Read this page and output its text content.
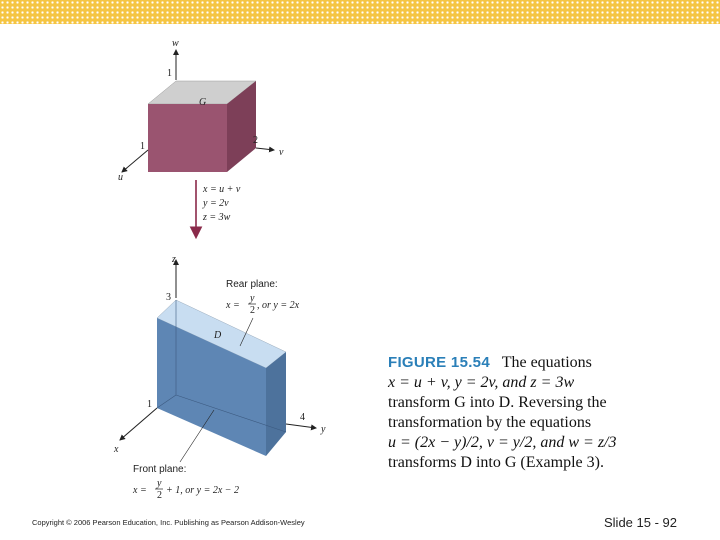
w
1
G
v
2
u
1
x = u + v
y = 2v
z = 3w
z
3
D
y
4
x
1
Rear plane:
x =
y
2 , or y = 2x
Front plane:
x =
y
2 + 1, or y = 2x − 2
FIGURE 15.54 The equations
x = u + v, y = 2v, and z = 3w
transform G into D. Reversing the
transformation by the equations
u = (2x − y)/2, v = y/2, and w = z/3
transforms D into G (Example 3).
Copyright © 2006 Pearson Education, Inc. Publishing as Pearson Addison-Wesley	Slide 15 - 92
